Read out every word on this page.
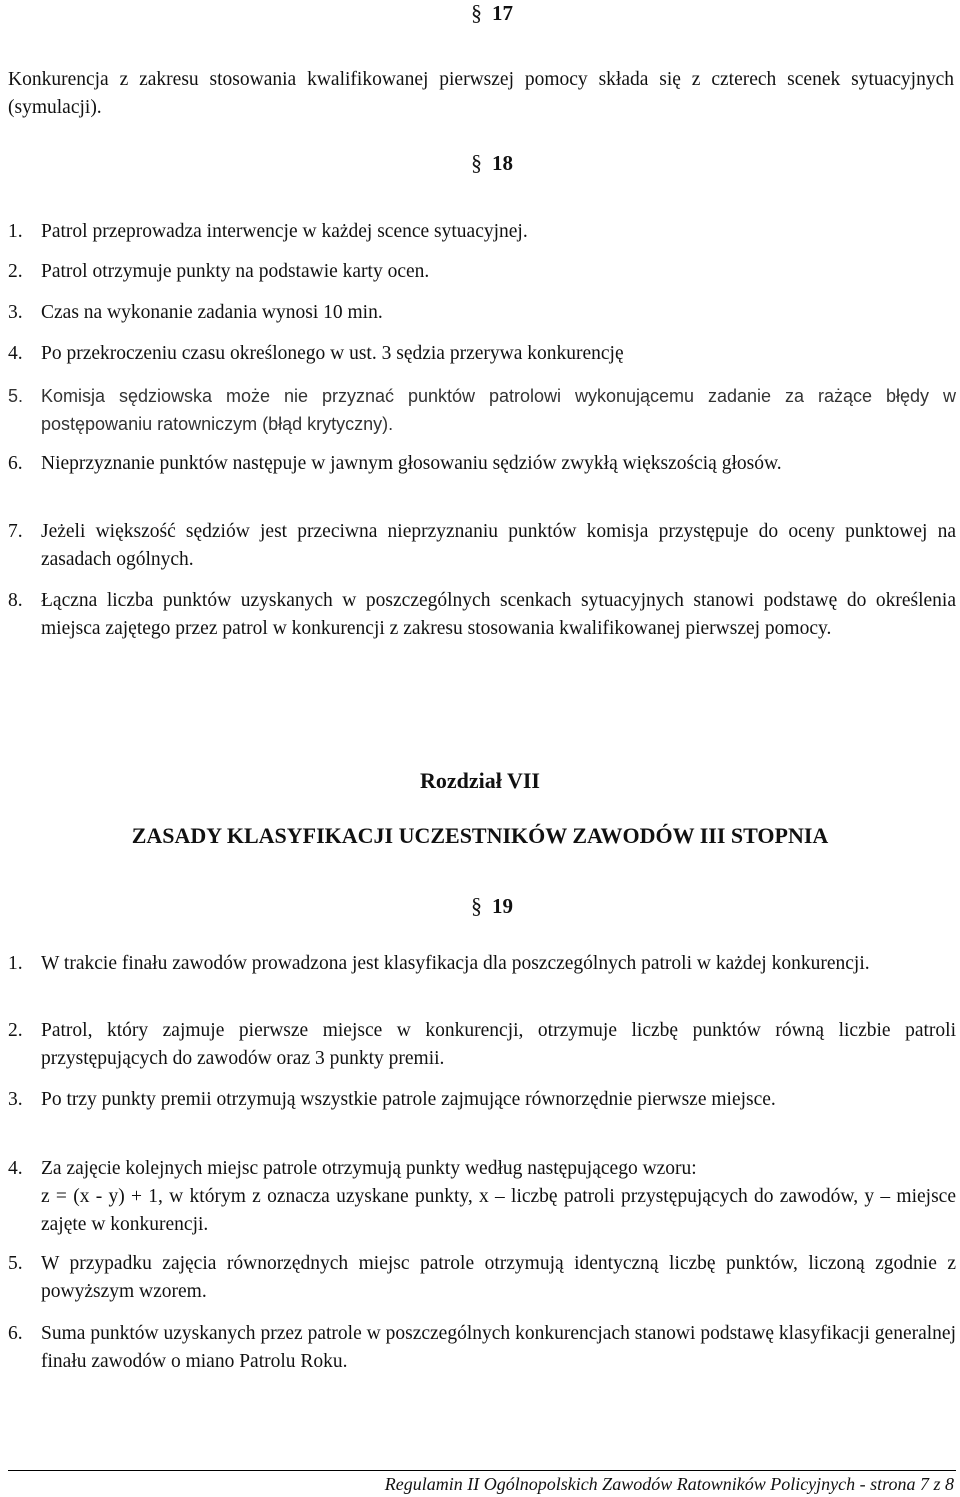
§ 17
Konkurencja z zakresu stosowania kwalifikowanej pierwszej pomocy składa się z czterech scenek sytuacyjnych (symulacji).
§ 18
1. Patrol przeprowadza interwencje w każdej scence sytuacyjnej.
2. Patrol otrzymuje punkty na podstawie karty ocen.
3. Czas na wykonanie zadania wynosi 10 min.
4. Po przekroczeniu czasu określonego w ust. 3 sędzia przerywa konkurencję
5. Komisja sędziowska może nie przyznać punktów patrolowi wykonującemu zadanie za rażące błędy w postępowaniu ratowniczym (błąd krytyczny).
6. Nieprzyznanie punktów następuje w jawnym głosowaniu sędziów zwykłą większością głosów.
7. Jeżeli większość sędziów jest przeciwna nieprzyznaniu punktów komisja przystępuje do oceny punktowej na zasadach ogólnych.
8. Łączna liczba punktów uzyskanych w poszczególnych scenkach sytuacyjnych stanowi podstawę do określenia miejsca zajętego przez patrol w konkurencji z zakresu stosowania kwalifikowanej pierwszej pomocy.
Rozdział VII
ZASADY KLASYFIKACJI UCZESTNIKÓW ZAWODÓW III STOPNIA
§ 19
1. W trakcie finału zawodów prowadzona jest klasyfikacja dla poszczególnych patroli w każdej konkurencji.
2. Patrol, który zajmuje pierwsze miejsce w konkurencji, otrzymuje liczbę punktów równą liczbie patroli przystępujących do zawodów oraz 3 punkty premii.
3. Po trzy punkty premii otrzymują wszystkie patrole zajmujące równorzędnie pierwsze miejsce.
4. Za zajęcie kolejnych miejsc patrole otrzymują punkty według następującego wzoru:
z = (x - y) + 1, w którym z oznacza uzyskane punkty, x – liczbę patroli przystępujących do zawodów, y – miejsce zajęte w konkurencji.
5. W przypadku zajęcia równorzędnych miejsc patrole otrzymują identyczną liczbę punktów, liczoną zgodnie z powyższym wzorem.
6. Suma punktów uzyskanych przez patrole w poszczególnych konkurencjach stanowi podstawę klasyfikacji generalnej finału zawodów o miano Patrolu Roku.
Regulamin II Ogólnopolskich Zawodów Ratowników Policyjnych - strona 7 z 8
